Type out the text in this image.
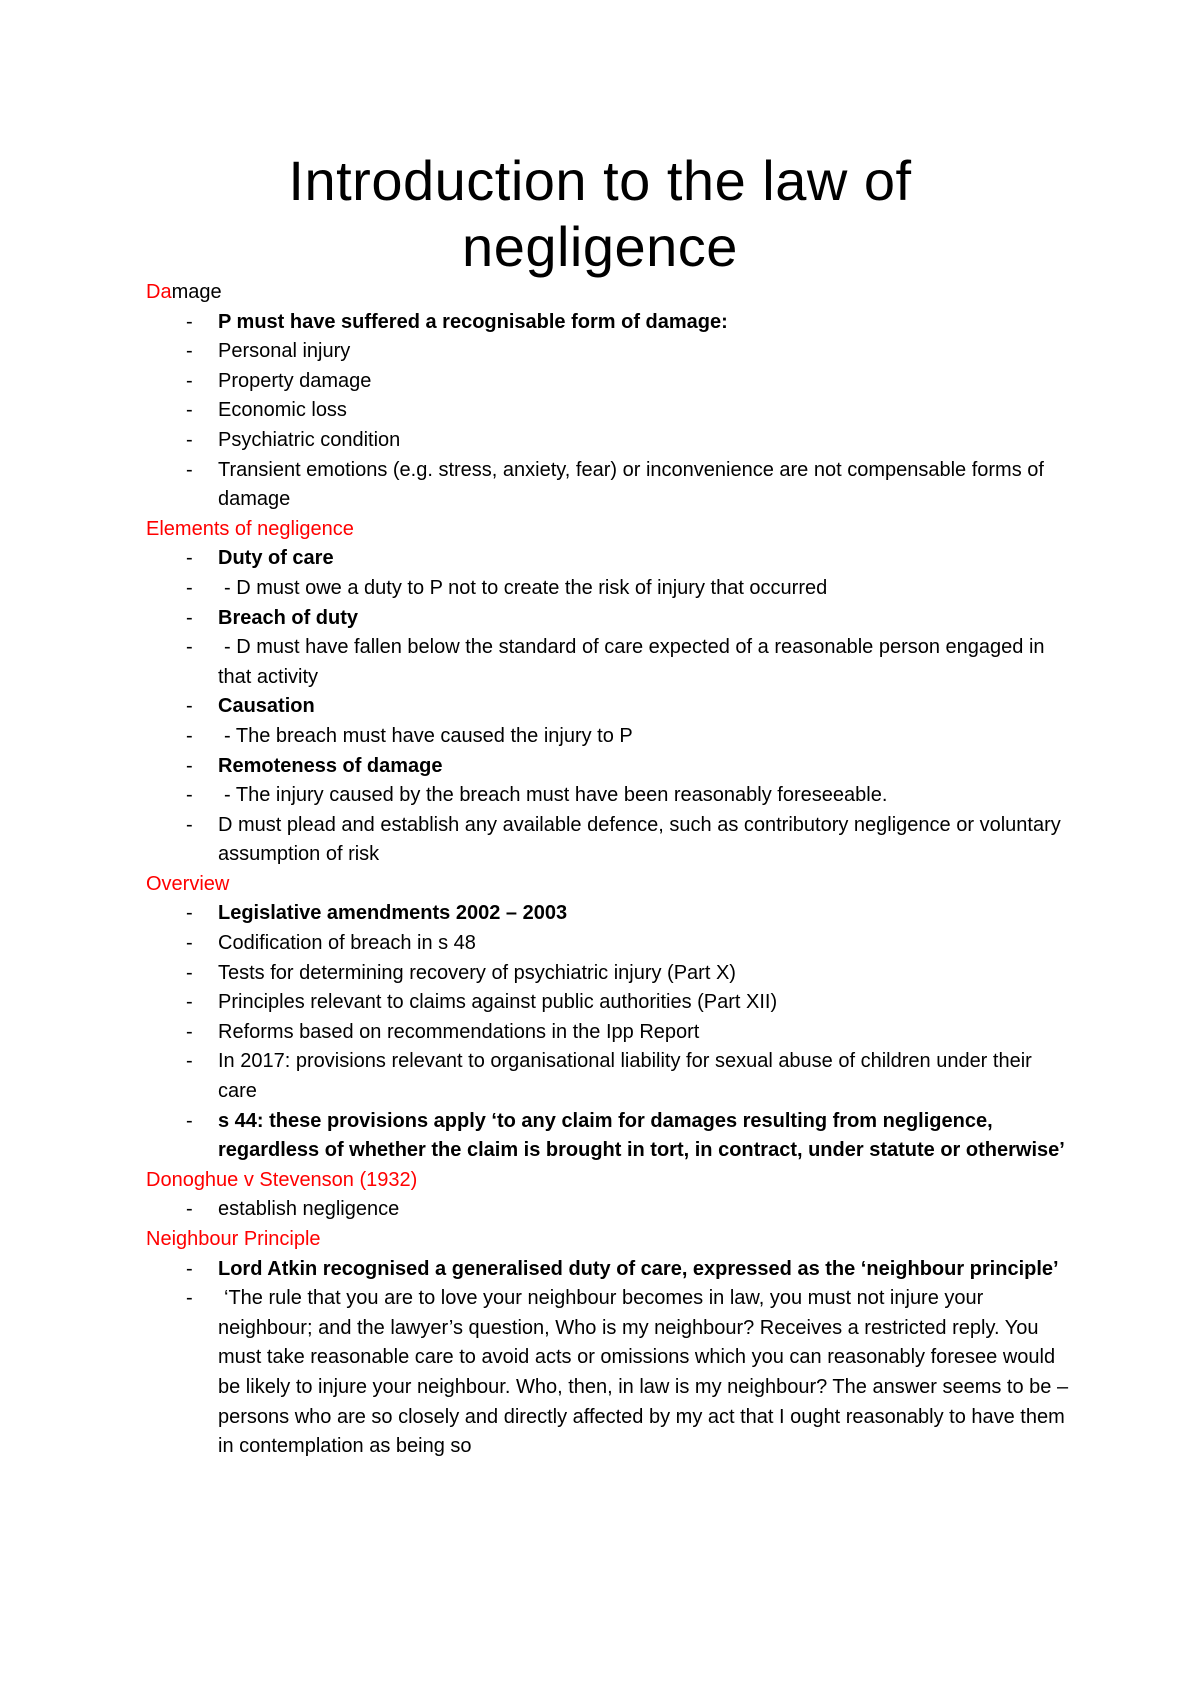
Introduction to the law of
negligence

Damage

- P must have suffered a recognisable form of damage:
- Personal injury
- Property damage
- Economic loss
- Psychiatric condition
- Transient emotions (e.g. stress, anxiety, fear) or inconvenience are not compensable forms of damage

Elements of negligence

- Duty of care
- - D must owe a duty to P not to create the risk of injury that occurred
- Breach of duty
- - D must have fallen below the standard of care expected of a reasonable person engaged in that activity
- Causation
- - The breach must have caused the injury to P
- Remoteness of damage
- - The injury caused by the breach must have been reasonably foreseeable.
- D must plead and establish any available defence, such as contributory negligence or voluntary assumption of risk

Overview

- Legislative amendments 2002 – 2003
- Codification of breach in s 48
- Tests for determining recovery of psychiatric injury (Part X)
- Principles relevant to claims against public authorities (Part XII)
- Reforms based on recommendations in the Ipp Report
- In 2017: provisions relevant to organisational liability for sexual abuse of children under their care
- s 44: these provisions apply ‘to any claim for damages resulting from negligence, regardless of whether the claim is brought in tort, in contract, under statute or otherwise’

Donoghue v Stevenson (1932)

- establish negligence

Neighbour Principle

- Lord Atkin recognised a generalised duty of care, expressed as the ‘neighbour principle’
- ‘The rule that you are to love your neighbour becomes in law, you must not injure your neighbour; and the lawyer’s question, Who is my neighbour? Receives a restricted reply. You must take reasonable care to avoid acts or omissions which you can reasonably foresee would be likely to injure your neighbour. Who, then, in law is my neighbour? The answer seems to be – persons who are so closely and directly affected by my act that I ought reasonably to have them in contemplation as being so
